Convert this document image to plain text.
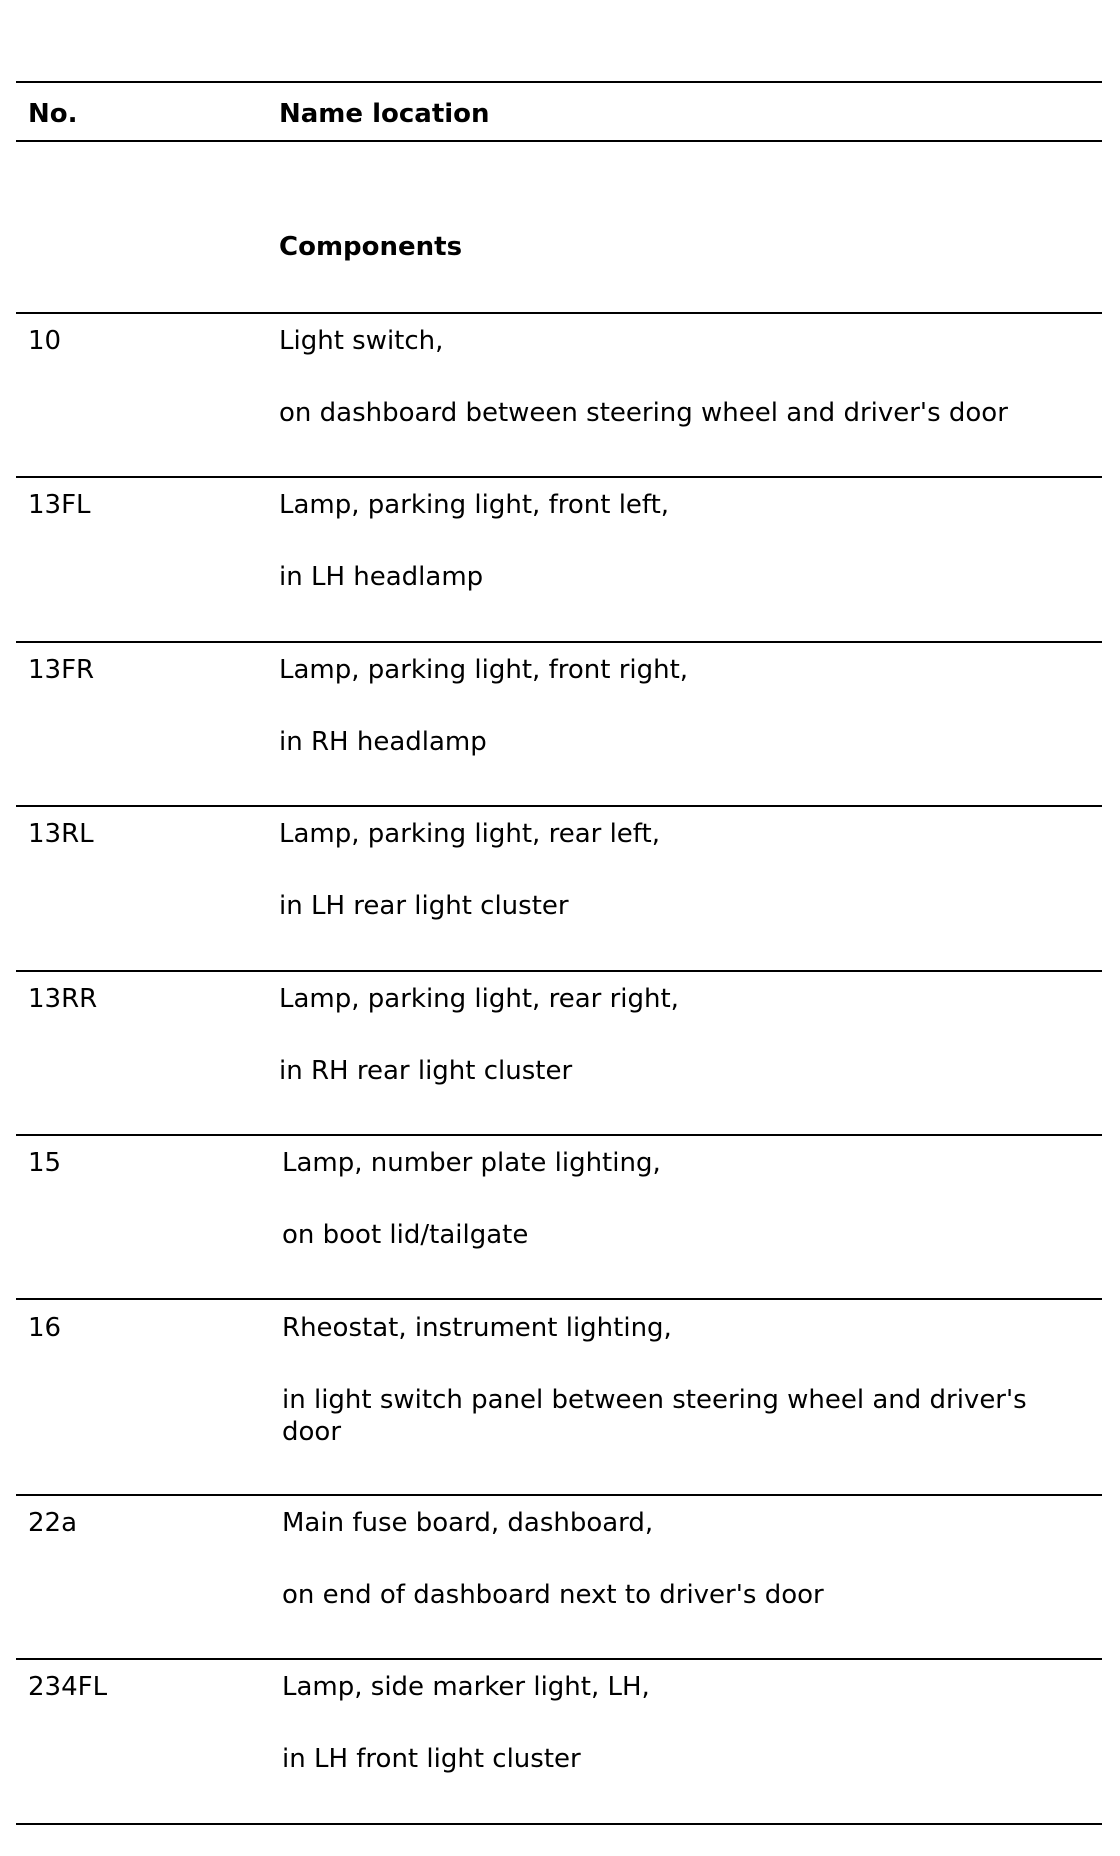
No.	Name location
Components
10	Light switch,
on dashboard between steering wheel and driver's door
13FL	Lamp, parking light, front left,
in LH headlamp
13FR	Lamp, parking light, front right,
in RH headlamp
13RL	Lamp, parking light, rear left,
in LH rear light cluster
13RR	Lamp, parking light, rear right,
in RH rear light cluster
15	Lamp, number plate lighting,
on boot lid/tailgate
16	Rheostat, instrument lighting,
in light switch panel between steering wheel and driver's door
22a	Main fuse board, dashboard,
on end of dashboard next to driver's door
234FL	Lamp, side marker light, LH,
in LH front light cluster
